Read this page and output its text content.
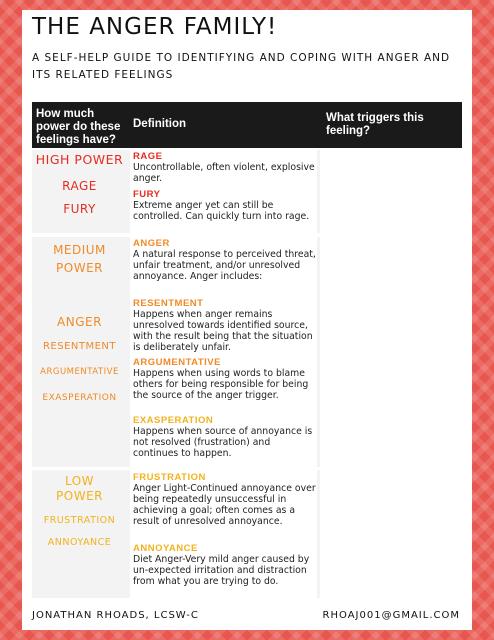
THE ANGER FAMILY!
A SELF-HELP GUIDE TO IDENTIFYING AND COPING WITH ANGER AND ITS RELATED FEELINGS
How much power do these feelings have?
Definition	What triggers this feeling?
HIGH POWER
RAGE
FURY
RAGE
Uncontrollable, often violent, explosive anger.
FURY
Extreme anger yet can still be controlled. Can quickly turn into rage.
MEDIUM
POWER
ANGER
RESENTMENT
ARGUMENTATIVE
EXASPERATION
ANGER
A natural response to perceived threat, unfair treatment, and/or unresolved annoyance. Anger includes:
RESENTMENT
Happens when anger remains unresolved towards identified source, with the result being that the situation is deliberately unfair.
ARGUMENTATIVE
Happens when using words to blame others for being responsible for being the source of the anger trigger.
EXASPERATION
Happens when source of annoyance is not resolved (frustration) and continues to happen.
LOW
POWER
FRUSTRATION
ANNOYANCE
FRUSTRATION
Anger Light-Continued annoyance over being repeatedly unsuccessful in achieving a goal; often comes as a result of unresolved annoyance.
ANNOYANCE
Diet Anger-Very mild anger caused by un-expected irritation and distraction from what you are trying to do.
JONATHAN RHOADS, LCSW-C	RHOAJ001@GMAIL.COM
